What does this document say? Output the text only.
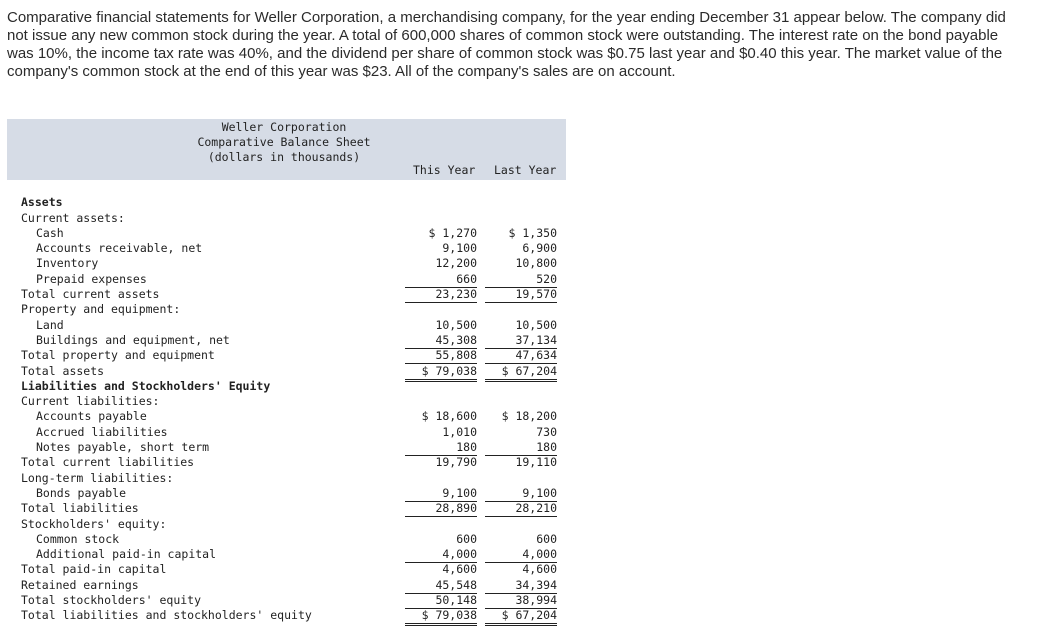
Comparative financial statements for Weller Corporation, a merchandising company, for the year ending December 31 appear below. The company did not issue any new common stock during the year. A total of 600,000 shares of common stock were outstanding. The interest rate on the bond payable was 10%, the income tax rate was 40%, and the dividend per share of common stock was $0.75 last year and $0.40 this year. The market value of the company's common stock at the end of this year was $23. All of the company's sales are on account.

Weller Corporation
Comparative Balance Sheet
(dollars in thousands)
This Year Last Year
Assets
Current assets:
Cash	$ 1,270	$ 1,350
Accounts receivable, net	9,100	6,900
Inventory	12,200	10,800
Prepaid expenses	660	520
Total current assets	23,230	19,570
Property and equipment:
Land	10,500	10,500
Buildings and equipment, net	45,308	37,134
Total property and equipment	55,808	47,634
Total assets	$ 79,038	$ 67,204
Liabilities and Stockholders' Equity
Current liabilities:
Accounts payable	$ 18,600	$ 18,200
Accrued liabilities	1,010	730
Notes payable, short term	180	180
Total current liabilities	19,790	19,110
Long-term liabilities:
Bonds payable	9,100	9,100
Total liabilities	28,890	28,210
Stockholders' equity:
Common stock	600	600
Additional paid-in capital	4,000	4,000
Total paid-in capital	4,600	4,600
Retained earnings	45,548	34,394
Total stockholders' equity	50,148	38,994
Total liabilities and stockholders' equity	$ 79,038	$ 67,204
